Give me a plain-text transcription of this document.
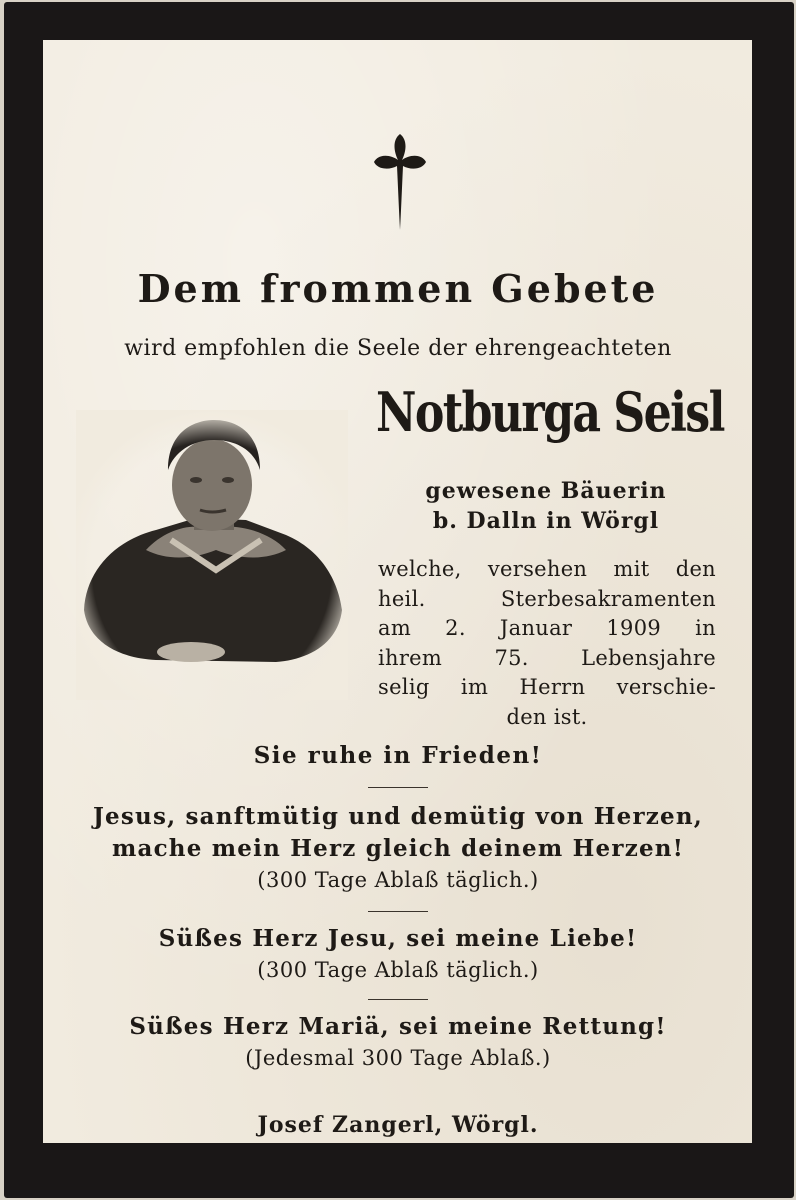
Dem frommen Gebete
wird empfohlen die Seele der ehrengeachteten
Notburga Seisl
gewesene Bäuerin
b. Dalln in Wörgl
welche, versehen mit den
heil.	Sterbesakramenten
am 2. Januar 1909 in
ihrem 75. Lebensjahre
selig im Herrn verschie-
den ist.
Sie ruhe in Frieden!
Jesus, sanftmütig und demütig von Herzen,
mache mein Herz gleich deinem Herzen!
(300 Tage Ablaß täglich.)
Süßes Herz Jesu, sei meine Liebe!
(300 Tage Ablaß täglich.)
Süßes Herz Mariä, sei meine Rettung!
(Jedesmal 300 Tage Ablaß.)
Josef Zangerl, Wörgl.
